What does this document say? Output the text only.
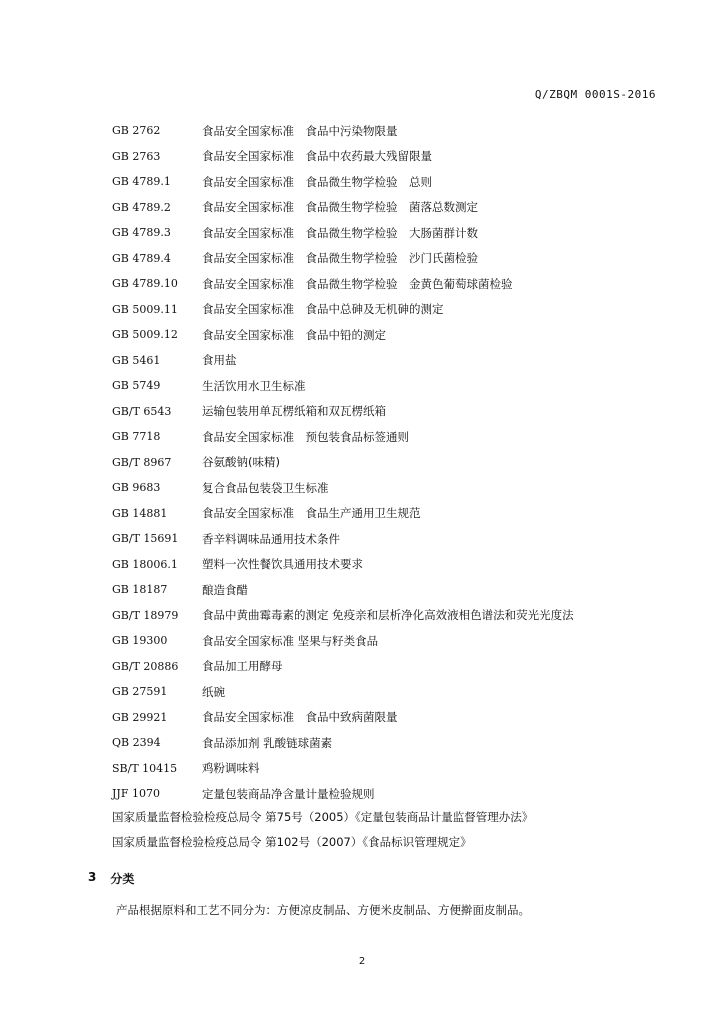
Q/ZBQM 0001S-2016
GB 2762	食品安全国家标准　食品中污染物限量
GB 2763	食品安全国家标准　食品中农药最大残留限量
GB 4789.1	食品安全国家标准　食品微生物学检验　总则
GB 4789.2	食品安全国家标准　食品微生物学检验　菌落总数测定
GB 4789.3	食品安全国家标准　食品微生物学检验　大肠菌群计数
GB 4789.4	食品安全国家标准　食品微生物学检验　沙门氏菌检验
GB 4789.10	食品安全国家标准　食品微生物学检验　金黄色葡萄球菌检验
GB 5009.11	食品安全国家标准　食品中总砷及无机砷的测定
GB 5009.12	食品安全国家标准　食品中铅的测定
GB 5461	食用盐
GB 5749	生活饮用水卫生标准
GB/T 6543	运输包装用单瓦楞纸箱和双瓦楞纸箱
GB 7718	食品安全国家标准　预包装食品标签通则
GB/T 8967	谷氨酸钠(味精)
GB 9683	复合食品包装袋卫生标准
GB 14881	食品安全国家标准　食品生产通用卫生规范
GB/T 15691	香辛料调味品通用技术条件
GB 18006.1	塑料一次性餐饮具通用技术要求
GB 18187	酿造食醋
GB/T 18979	食品中黄曲霉毒素的测定 免疫亲和层析净化高效液相色谱法和荧光光度法
GB 19300	食品安全国家标准 坚果与籽类食品
GB/T 20886	食品加工用酵母
GB 27591	纸碗
GB 29921	食品安全国家标准　食品中致病菌限量
QB 2394	食品添加剂 乳酸链球菌素
SB/T 10415	鸡粉调味料
JJF 1070	定量包装商品净含量计量检验规则
国家质量监督检验检疫总局令 第75号（2005）《定量包装商品计量监督管理办法》
国家质量监督检验检疫总局令 第102号（2007）《食品标识管理规定》
3 分类
产品根据原料和工艺不同分为：方便凉皮制品、方便米皮制品、方便擀面皮制品。
2
